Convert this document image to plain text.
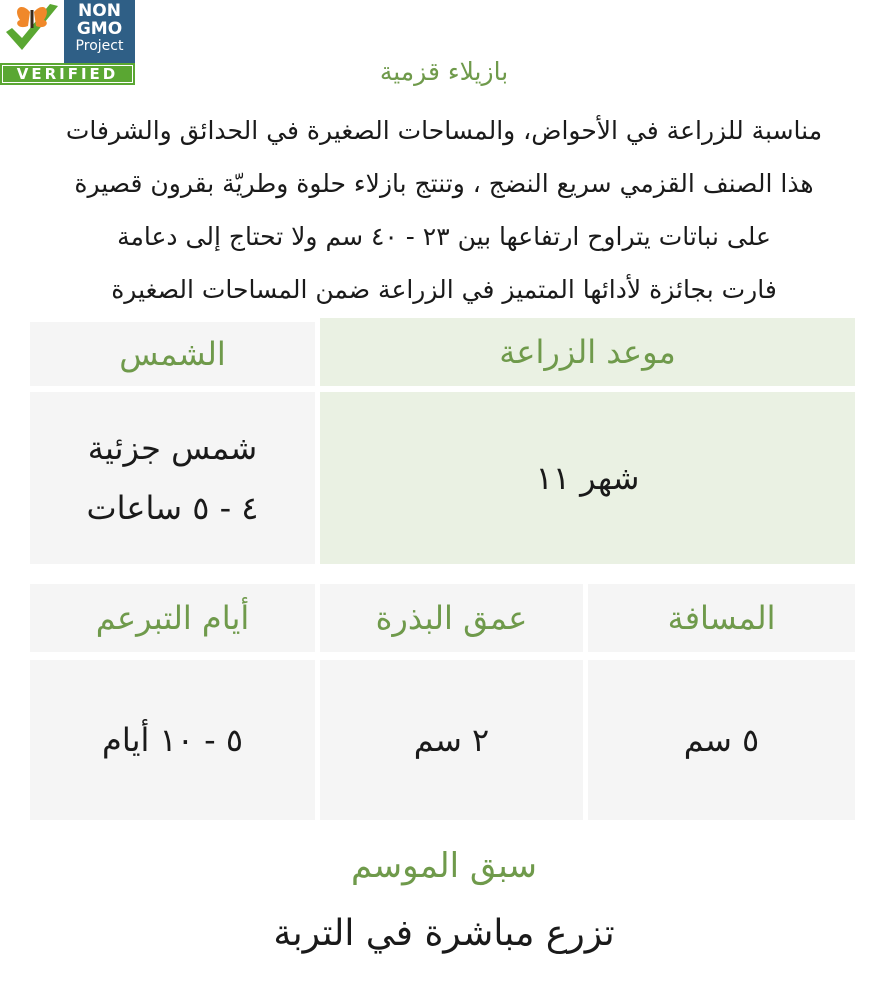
NON
GMO
Project
VERIFIED	بازيلاء قزمية
مناسبة للزراعة في الأحواض، والمساحات الصغيرة في الحدائق والشرفات
هذا الصنف القزمي سريع النضج ، وتنتج بازلاء حلوة وطريّة بقرون قصيرة
على نباتات يتراوح ارتفاعها بين ٢٣ - ٤٠ سم ولا تحتاج إلى دعامة
فارت بجائزة لأدائها المتميز في الزراعة ضمن المساحات الصغيرة
موعد الزراعة
الشمس
شهر ١١
شمس جزئية
٤ - ٥ ساعات
المسافة
عمق البذرة
أيام التبرعم
٥ سم
٢ سم
٥ - ١٠ أيام
سبق الموسم
تزرع مباشرة في التربة
